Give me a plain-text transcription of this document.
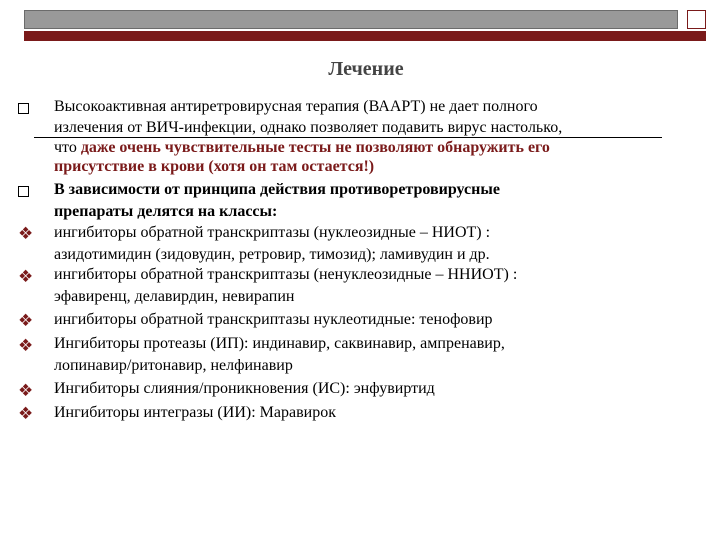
Лечение
Высокоактивная антиретровирусная терапия (ВААРТ) не дает полного
излечения от ВИЧ-инфекции, однако позволяет подавить вирус настолько,
что даже очень чувствительные тесты не позволяют обнаружить его
присутствие в крови (хотя он там остается!)
В зависимости от принципа действия противоретровирусные
препараты делятся на классы:
❖ ингибиторы обратной транскриптазы (нуклеозидные – НИОТ) :
азидотимидин (зидовудин, ретровир, тимозид); ламивудин и др.
❖ ингибиторы обратной транскриптазы (ненуклеозидные – ННИОТ) :
эфавиренц, делавирдин, невирапин
❖ ингибиторы обратной транскриптазы нуклеотидные: тенофовир
❖ Ингибиторы протеазы (ИП): индинавир, саквинавир, ампренавир,
лопинавир/ритонавир, нелфинавир
❖ Ингибиторы слияния/проникновения (ИС): энфувиртид
❖ Ингибиторы интегразы (ИИ): Маравирок
